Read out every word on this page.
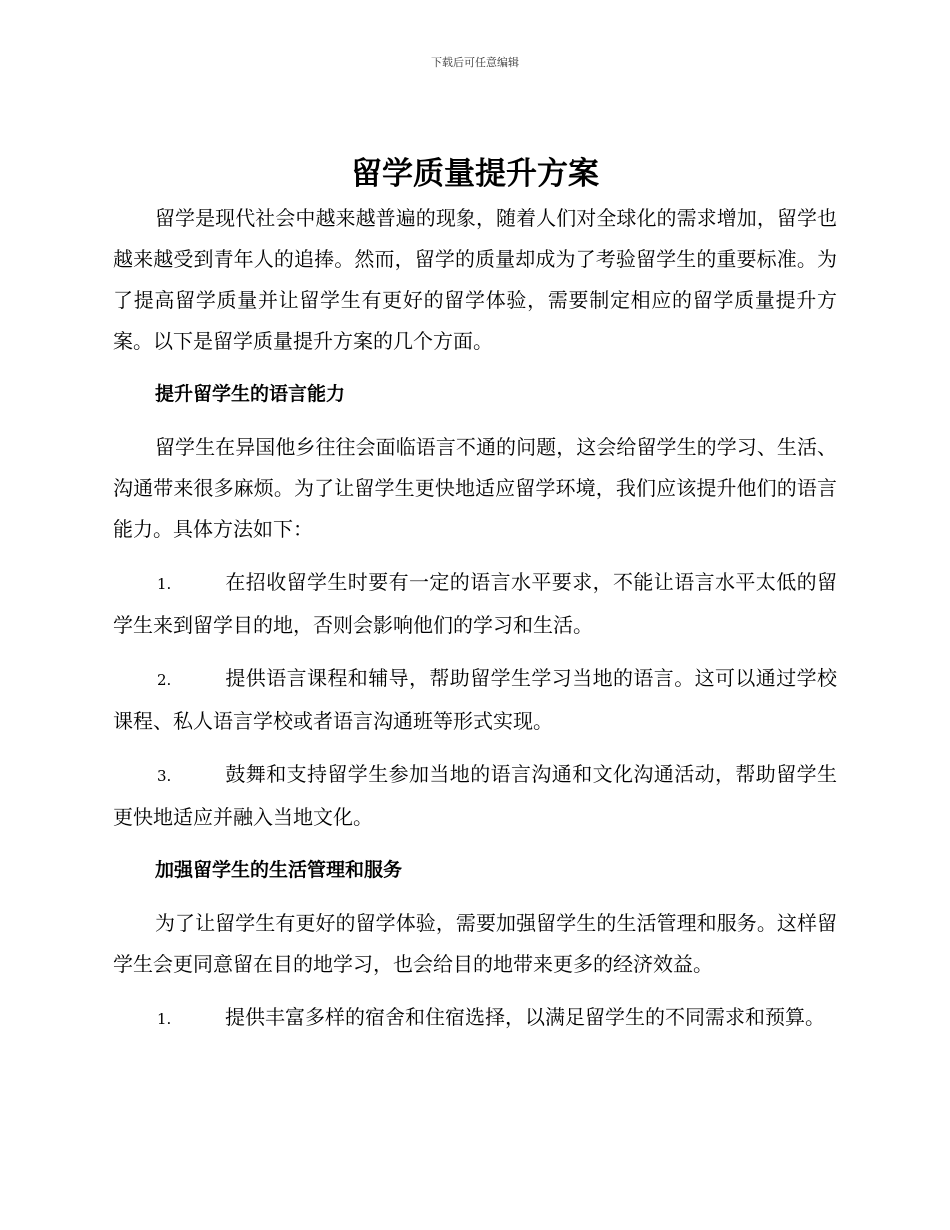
下载后可任意编辑
留学质量提升方案

留学是现代社会中越来越普遍的现象，随着人们对全球化的需求增加，留学也越来越受到青年人的追捧。然而，留学的质量却成为了考验留学生的重要标准。为了提高留学质量并让留学生有更好的留学体验，需要制定相应的留学质量提升方案。以下是留学质量提升方案的几个方面。

提升留学生的语言能力

留学生在异国他乡往往会面临语言不通的问题，这会给留学生的学习、生活、沟通带来很多麻烦。为了让留学生更快地适应留学环境，我们应该提升他们的语言能力。具体方法如下：

1.	在招收留学生时要有一定的语言水平要求，不能让语言水平太低的留学生来到留学目的地，否则会影响他们的学习和生活。

2.	提供语言课程和辅导，帮助留学生学习当地的语言。这可以通过学校课程、私人语言学校或者语言沟通班等形式实现。

3.	鼓舞和支持留学生参加当地的语言沟通和文化沟通活动，帮助留学生更快地适应并融入当地文化。

加强留学生的生活管理和服务

为了让留学生有更好的留学体验，需要加强留学生的生活管理和服务。这样留学生会更同意留在目的地学习，也会给目的地带来更多的经济效益。

1.	提供丰富多样的宿舍和住宿选择，以满足留学生的不同需求和预算。
